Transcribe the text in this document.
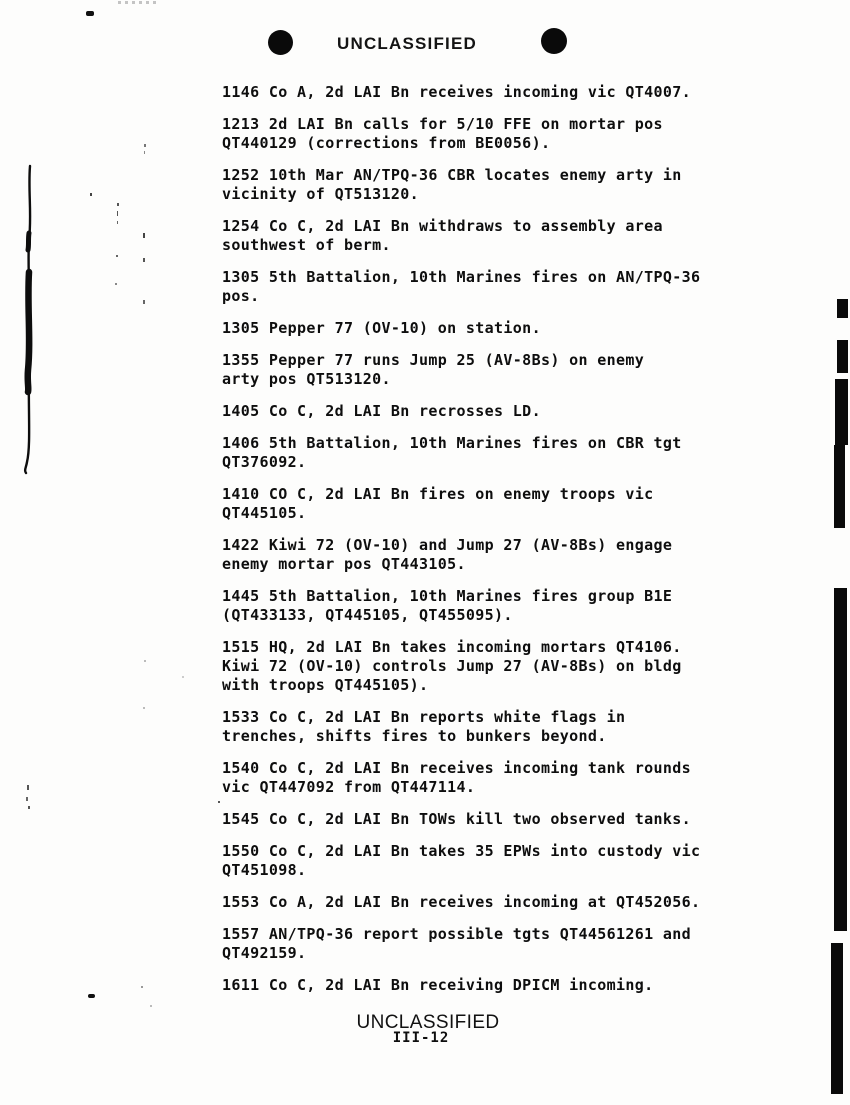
UNCLASSIFIED
1146 Co A, 2d LAI Bn receives incoming vic QT4007.
1213 2d LAI Bn calls for 5/10 FFE on mortar pos
QT440129 (corrections from BE0056).
1252 10th Mar AN/TPQ-36 CBR locates enemy arty in
vicinity of QT513120.
1254 Co C, 2d LAI Bn withdraws to assembly area
southwest of berm.
1305 5th Battalion, 10th Marines fires on AN/TPQ-36
pos.
1305 Pepper 77 (OV-10) on station.
1355 Pepper 77 runs Jump 25 (AV-8Bs) on enemy
arty pos QT513120.
1405 Co C, 2d LAI Bn recrosses LD.
1406 5th Battalion, 10th Marines fires on CBR tgt
QT376092.
1410 CO C, 2d LAI Bn fires on enemy troops vic
QT445105.
1422 Kiwi 72 (OV-10) and Jump 27 (AV-8Bs) engage
enemy mortar pos QT443105.
1445 5th Battalion, 10th Marines fires group B1E
(QT433133, QT445105, QT455095).
1515 HQ, 2d LAI Bn takes incoming mortars QT4106.
Kiwi 72 (OV-10) controls Jump 27 (AV-8Bs) on bldg
with troops QT445105).
1533 Co C, 2d LAI Bn reports white flags in
trenches, shifts fires to bunkers beyond.
1540 Co C, 2d LAI Bn receives incoming tank rounds
vic QT447092 from QT447114.
1545 Co C, 2d LAI Bn TOWs kill two observed tanks.
1550 Co C, 2d LAI Bn takes 35 EPWs into custody vic
QT451098.
1553 Co A, 2d LAI Bn receives incoming at QT452056.
1557 AN/TPQ-36 report possible tgts QT44561261 and
QT492159.
1611 Co C, 2d LAI Bn receiving DPICM incoming.
UNCLASSIFIED
III-12
